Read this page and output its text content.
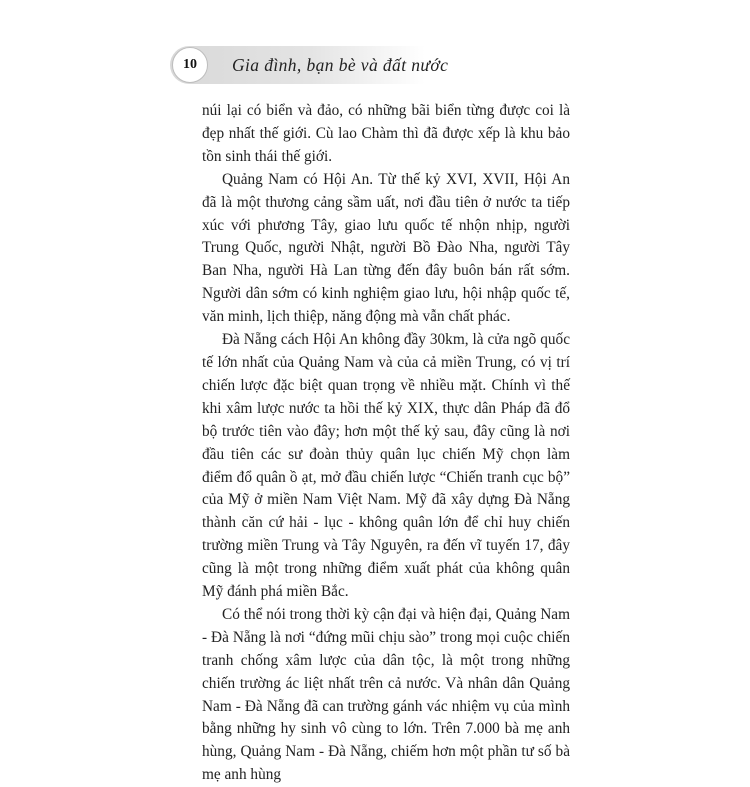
10	Gia đình, bạn bè và đất nước

núi lại có biển và đảo, có những bãi biển từng được coi là đẹp nhất thế giới. Cù lao Chàm thì đã được xếp là khu bảo tồn sinh thái thế giới.

Quảng Nam có Hội An. Từ thế kỷ XVI, XVII, Hội An đã là một thương cảng sầm uất, nơi đầu tiên ở nước ta tiếp xúc với phương Tây, giao lưu quốc tế nhộn nhịp, người Trung Quốc, người Nhật, người Bồ Đào Nha, người Tây Ban Nha, người Hà Lan từng đến đây buôn bán rất sớm. Người dân sớm có kinh nghiệm giao lưu, hội nhập quốc tế, văn minh, lịch thiệp, năng động mà vẫn chất phác.

Đà Nẵng cách Hội An không đầy 30km, là cửa ngõ quốc tế lớn nhất của Quảng Nam và của cả miền Trung, có vị trí chiến lược đặc biệt quan trọng về nhiều mặt. Chính vì thế khi xâm lược nước ta hồi thế kỷ XIX, thực dân Pháp đã đổ bộ trước tiên vào đây; hơn một thế kỷ sau, đây cũng là nơi đầu tiên các sư đoàn thủy quân lục chiến Mỹ chọn làm điểm đổ quân ồ ạt, mở đầu chiến lược “Chiến tranh cục bộ” của Mỹ ở miền Nam Việt Nam. Mỹ đã xây dựng Đà Nẵng thành căn cứ hải - lục - không quân lớn để chỉ huy chiến trường miền Trung và Tây Nguyên, ra đến vĩ tuyến 17, đây cũng là một trong những điểm xuất phát của không quân Mỹ đánh phá miền Bắc.

Có thể nói trong thời kỳ cận đại và hiện đại, Quảng Nam - Đà Nẵng là nơi “đứng mũi chịu sào” trong mọi cuộc chiến tranh chống xâm lược của dân tộc, là một trong những chiến trường ác liệt nhất trên cả nước. Và nhân dân Quảng Nam - Đà Nẵng đã can trường gánh vác nhiệm vụ của mình bằng những hy sinh vô cùng to lớn. Trên 7.000 bà mẹ anh hùng, Quảng Nam - Đà Nẵng, chiếm hơn một phần tư số bà mẹ anh hùng
